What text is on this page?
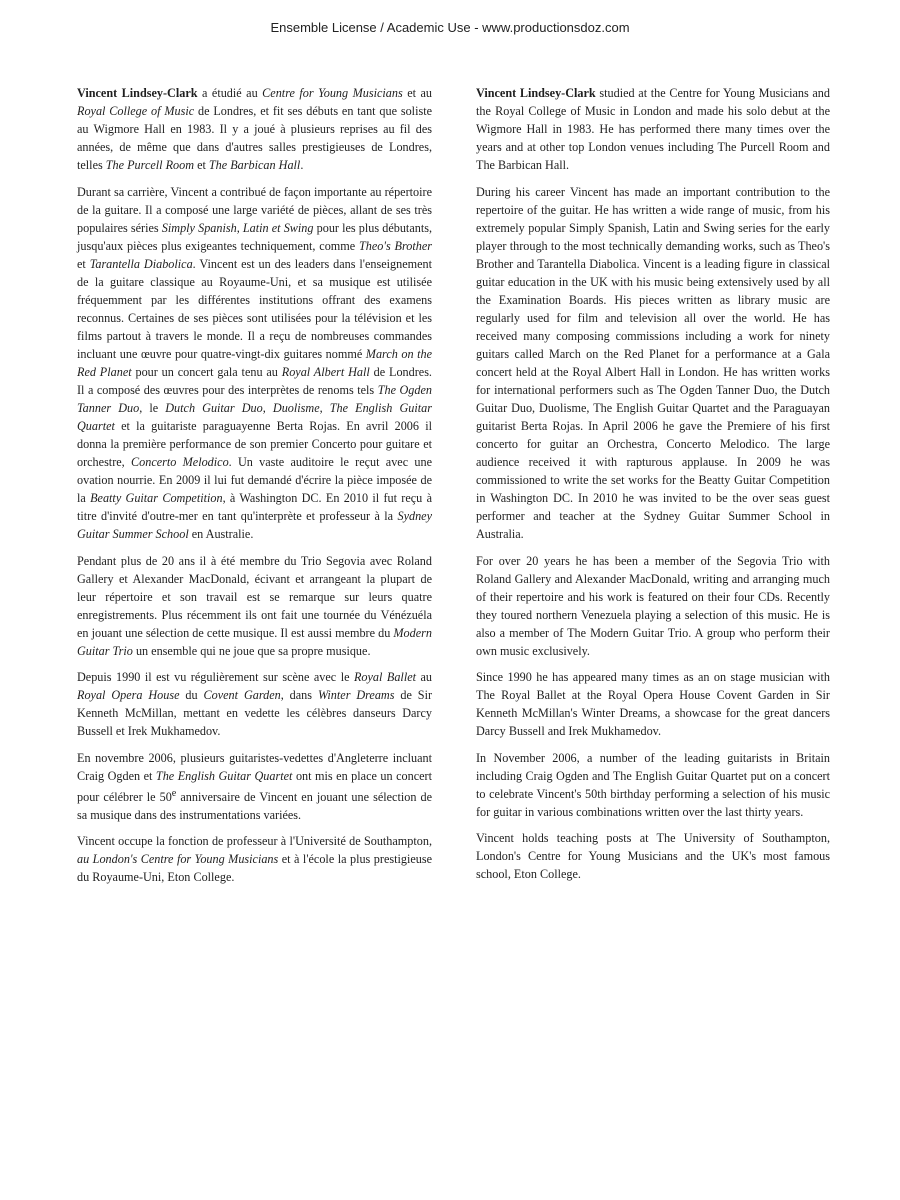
Ensemble License / Academic Use - www.productionsdoz.com

Vincent Lindsey-Clark a étudié au Centre for Young Musicians et au Royal College of Music de Londres, et fit ses débuts en tant que soliste au Wigmore Hall en 1983. Il y a joué à plusieurs reprises au fil des années, de même que dans d'autres salles prestigieuses de Londres, telles The Purcell Room et The Barbican Hall.

Durant sa carrière, Vincent a contribué de façon importante au répertoire de la guitare. Il a composé une large variété de pièces, allant de ses très populaires séries Simply Spanish, Latin et Swing pour les plus débutants, jusqu'aux pièces plus exigeantes techniquement, comme Theo's Brother et Tarantella Diabolica. Vincent est un des leaders dans l'enseignement de la guitare classique au Royaume-Uni, et sa musique est utilisée fréquemment par les différentes institutions offrant des examens reconnus. Certaines de ses pièces sont utilisées pour la télévision et les films partout à travers le monde. Il a reçu de nombreuses commandes incluant une œuvre pour quatre-vingt-dix guitares nommé March on the Red Planet pour un concert gala tenu au Royal Albert Hall de Londres. Il a composé des œuvres pour des interprètes de renoms tels The Ogden Tanner Duo, le Dutch Guitar Duo, Duolisme, The English Guitar Quartet et la guitariste paraguayenne Berta Rojas. En avril 2006 il donna la première performance de son premier Concerto pour guitare et orchestre, Concerto Melodico. Un vaste auditoire le reçut avec une ovation nourrie. En 2009 il lui fut demandé d'écrire la pièce imposée de la Beatty Guitar Competition, à Washington DC. En 2010 il fut reçu à titre d'invité d'outre-mer en tant qu'interprète et professeur à la Sydney Guitar Summer School en Australie.

Pendant plus de 20 ans il à été membre du Trio Segovia avec Roland Gallery et Alexander MacDonald, écivant et arrangeant la plupart de leur répertoire et son travail est se remarque sur leurs quatre enregistrements. Plus récemment ils ont fait une tournée du Vénézuéla en jouant une sélection de cette musique. Il est aussi membre du Modern Guitar Trio un ensemble qui ne joue que sa propre musique.

Depuis 1990 il est vu régulièrement sur scène avec le Royal Ballet au Royal Opera House du Covent Garden, dans Winter Dreams de Sir Kenneth McMillan, mettant en vedette les célèbres danseurs Darcy Bussell et Irek Mukhamedov.

En novembre 2006, plusieurs guitaristes-vedettes d'Angleterre incluant Craig Ogden et The English Guitar Quartet ont mis en place un concert pour célébrer le 50e anniversaire de Vincent en jouant une sélection de sa musique dans des instrumentations variées.

Vincent occupe la fonction de professeur à l'Université de Southampton, au London's Centre for Young Musicians et à l'école la plus prestigieuse du Royaume-Uni, Eton College.

Vincent Lindsey-Clark studied at the Centre for Young Musicians and the Royal College of Music in London and made his solo debut at the Wigmore Hall in 1983. He has performed there many times over the years and at other top London venues including The Purcell Room and The Barbican Hall.

During his career Vincent has made an important contribution to the repertoire of the guitar. He has written a wide range of music, from his extremely popular Simply Spanish, Latin and Swing series for the early player through to the most technically demanding works, such as Theo's Brother and Tarantella Diabolica. Vincent is a leading figure in classical guitar education in the UK with his music being extensively used by all the Examination Boards. His pieces written as library music are regularly used for film and television all over the world. He has received many composing commissions including a work for ninety guitars called March on the Red Planet for a performance at a Gala concert held at the Royal Albert Hall in London. He has written works for international performers such as The Ogden Tanner Duo, the Dutch Guitar Duo, Duolisme, The English Guitar Quartet and the Paraguayan guitarist Berta Rojas. In April 2006 he gave the Premiere of his first concerto for guitar an Orchestra, Concerto Melodico. The large audience received it with rapturous applause. In 2009 he was commissioned to write the set works for the Beatty Guitar Competition in Washington DC. In 2010 he was invited to be the over seas guest performer and teacher at the Sydney Guitar Summer School in Australia.

For over 20 years he has been a member of the Segovia Trio with Roland Gallery and Alexander MacDonald, writing and arranging much of their repertoire and his work is featured on their four CDs. Recently they toured northern Venezuela playing a selection of this music. He is also a member of The Modern Guitar Trio. A group who perform their own music exclusively.

Since 1990 he has appeared many times as an on stage musician with The Royal Ballet at the Royal Opera House Covent Garden in Sir Kenneth McMillan's Winter Dreams, a showcase for the great dancers Darcy Bussell and Irek Mukhamedov.

In November 2006, a number of the leading guitarists in Britain including Craig Ogden and The English Guitar Quartet put on a concert to celebrate Vincent's 50th birthday performing a selection of his music for guitar in various combinations written over the last thirty years.

Vincent holds teaching posts at The University of Southampton, London's Centre for Young Musicians and the UK's most famous school, Eton College.
